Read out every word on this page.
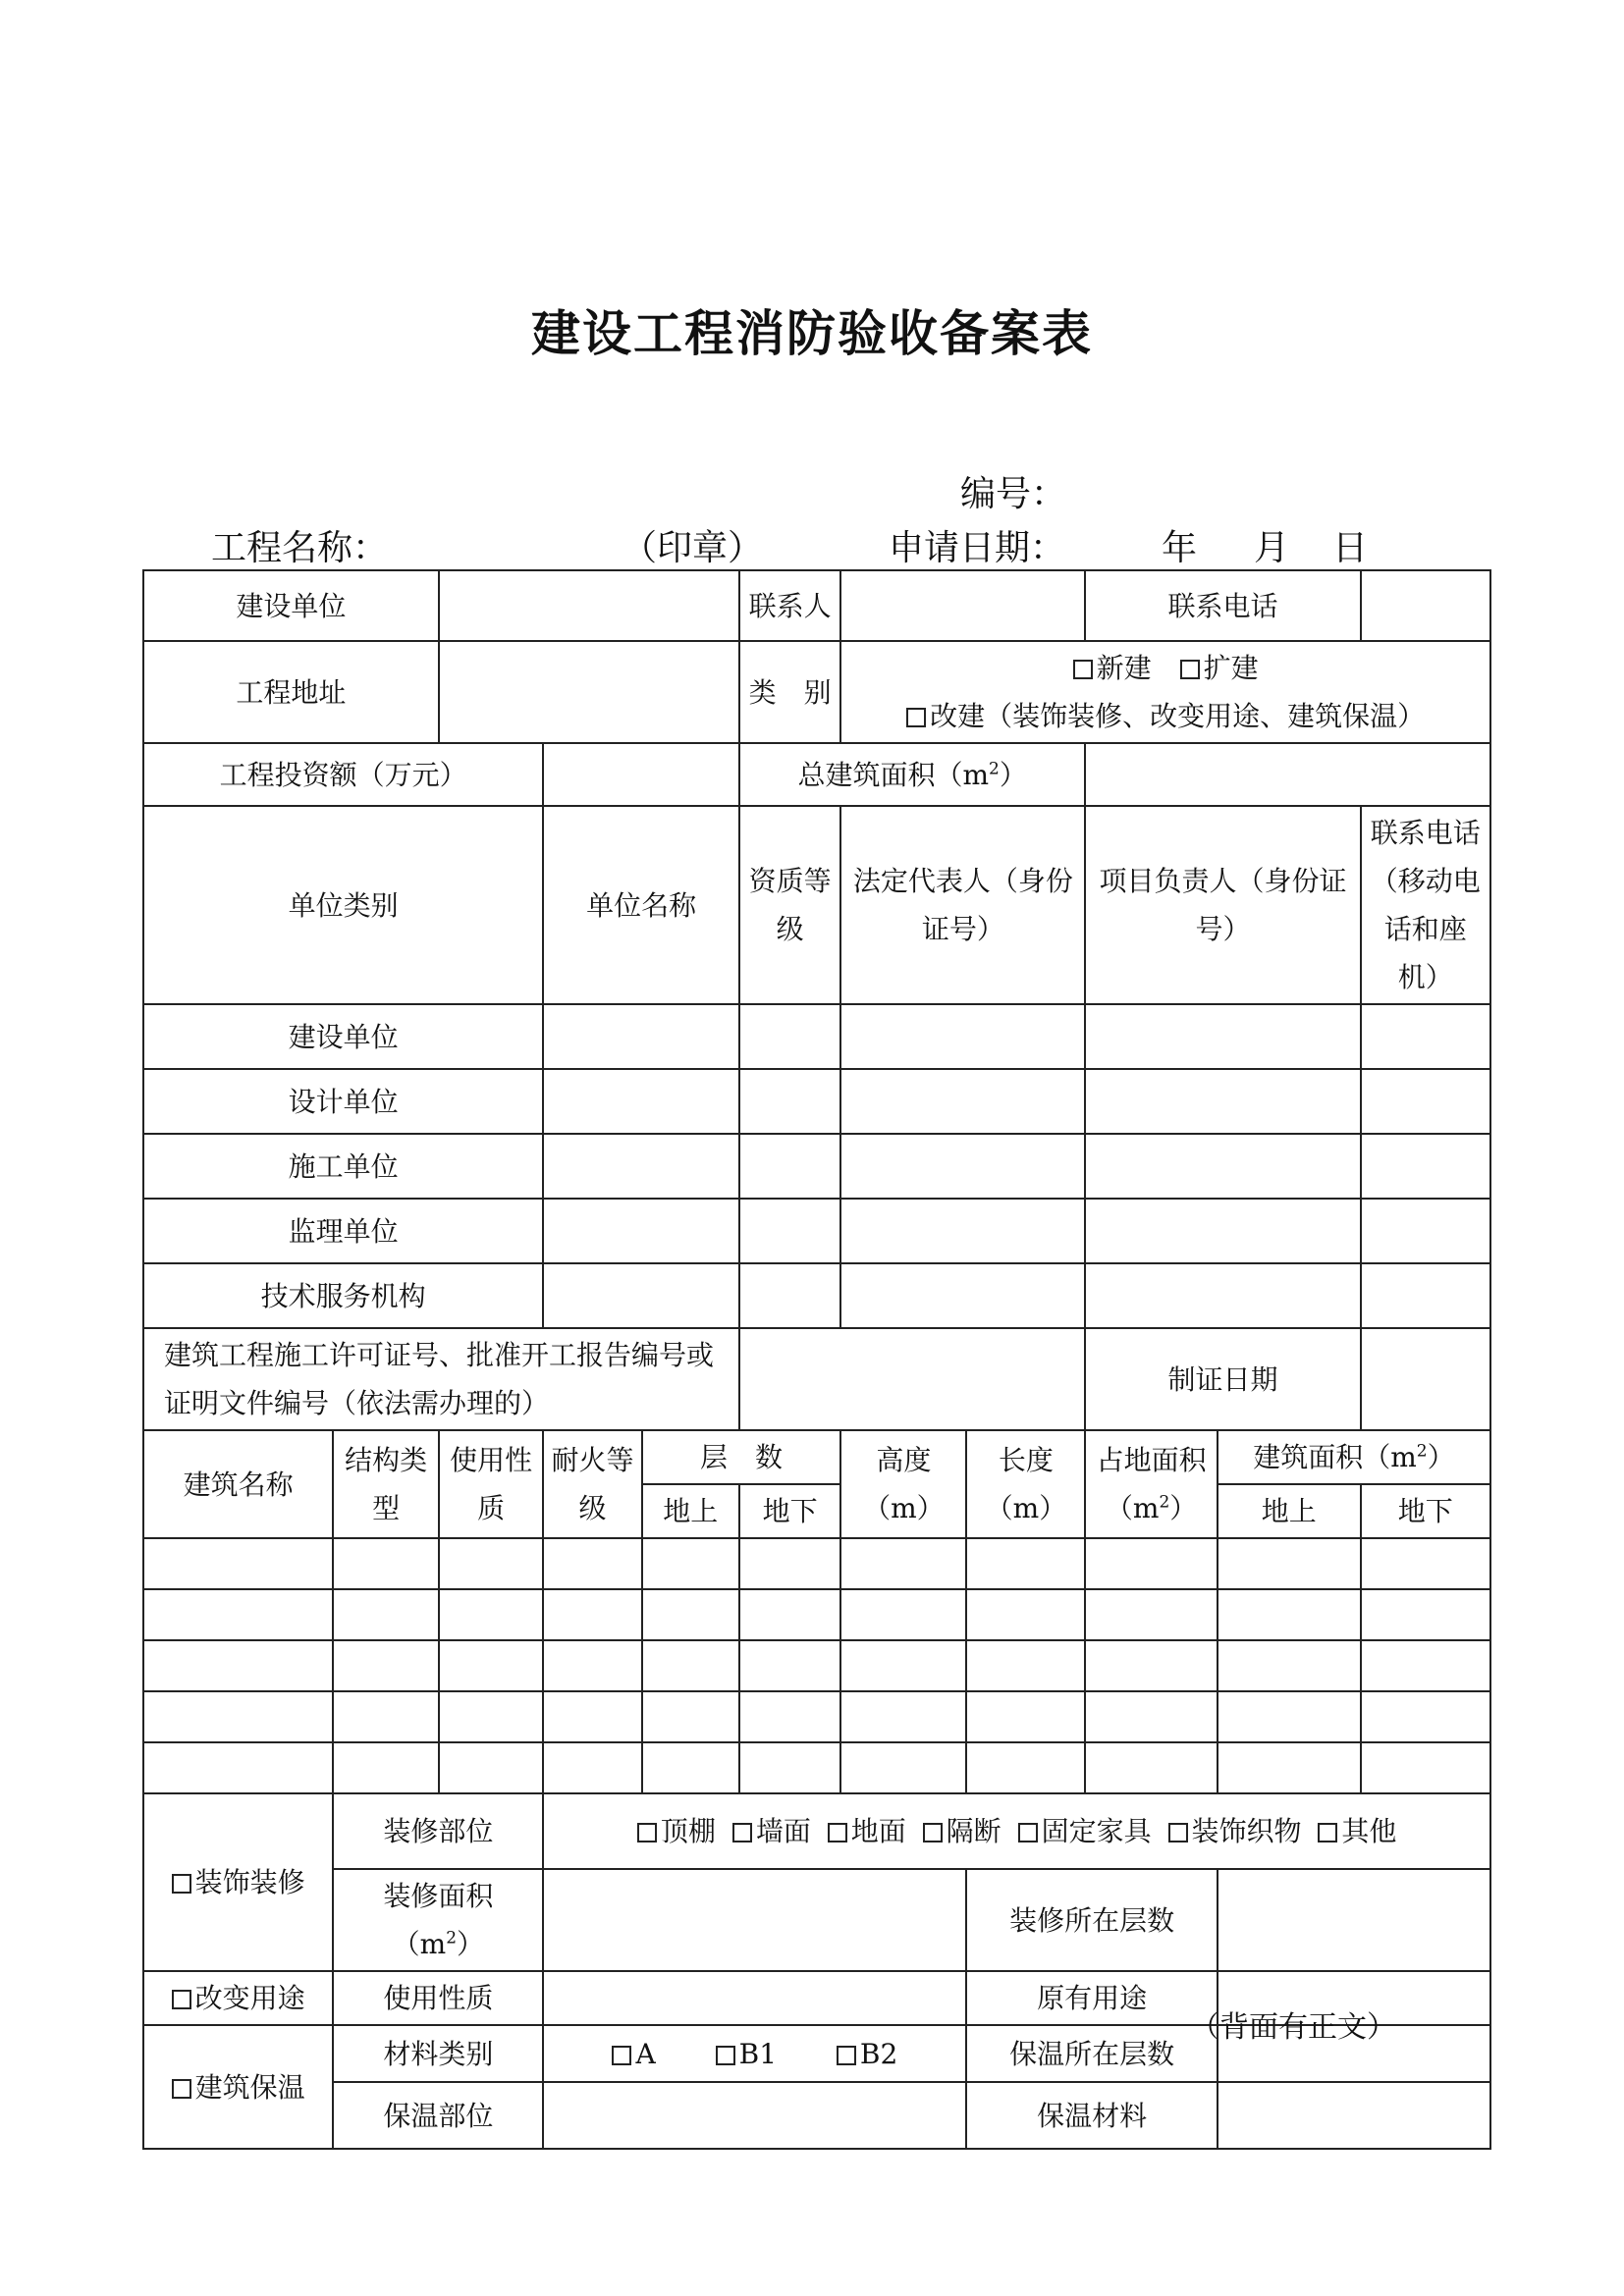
建设工程消防验收备案表
编号：
工程名称：	（印章）	申请日期：	年 月 日
建设单位					联系人			联系电话		
工程地址					类　别	新建 扩建
改建（装饰装修、改变用途、建筑保温）				

工程投资额（万元）					总建筑面积$(m^2)$					
单位类别			单位名称		资质等级	法定代表人（身份证号）		项目负责人（身份证号）		联系电话（移动电话和座机）
建设单位										
设计单位										
施工单位										
监理单位										
技术服务机构										
建筑工程施工许可证号、批准开工报告编号或证明文件编号（依法需办理的）								制证日期		
建筑名称	结构类型	使用性质	耐火等级	层　数		高度（m）	长度（m）	占地面积$(m^2)$	建筑面积$(m^2)$	
				地上	地下				地上	地下

装饰装修	装修部位		顶棚 墙面 地面 隔断 固定家具 装饰织物 其他							
	装修面积$(m^2)$						装修所在层数			
改变用途	使用性质						原有用途			
建筑保温	材料类别		A B1 B2				保温所在层数			
	保温部位						保温材料			
（背面有正文）
